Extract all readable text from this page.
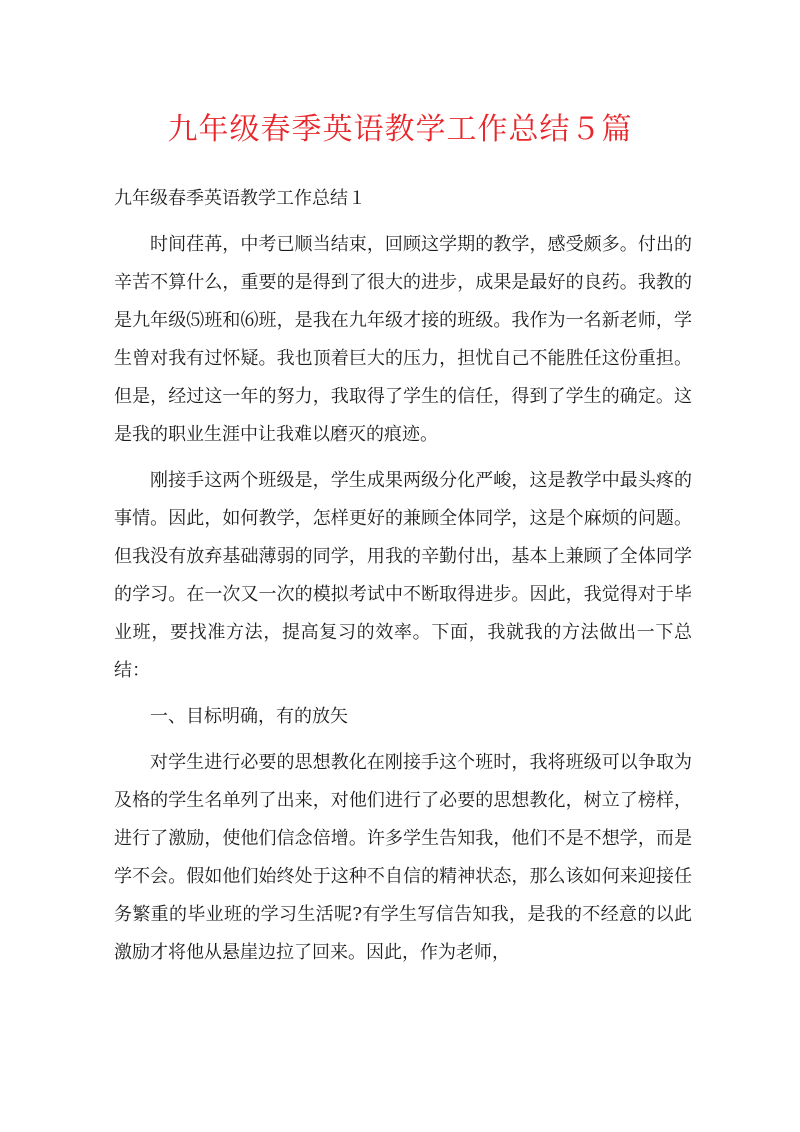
九年级春季英语教学工作总结５篇

九年级春季英语教学工作总结１

时间荏苒，中考已顺当结束，回顾这学期的教学，感受颇多。付出的辛苦不算什么，重要的是得到了很大的进步，成果是最好的良药。我教的是九年级⑸班和⑹班，是我在九年级才接的班级。我作为一名新老师，学生曾对我有过怀疑。我也顶着巨大的压力，担忧自己不能胜任这份重担。但是，经过这一年的努力，我取得了学生的信任，得到了学生的确定。这是我的职业生涯中让我难以磨灭的痕迹。

刚接手这两个班级是，学生成果两级分化严峻，这是教学中最头疼的事情。因此，如何教学，怎样更好的兼顾全体同学，这是个麻烦的问题。但我没有放弃基础薄弱的同学，用我的辛勤付出，基本上兼顾了全体同学的学习。在一次又一次的模拟考试中不断取得进步。因此，我觉得对于毕业班，要找准方法，提高复习的效率。下面，我就我的方法做出一下总结：

一、目标明确，有的放矢

对学生进行必要的思想教化在刚接手这个班时，我将班级可以争取为及格的学生名单列了出来，对他们进行了必要的思想教化，树立了榜样，进行了激励，使他们信念倍增。许多学生告知我，他们不是不想学，而是学不会。假如他们始终处于这种不自信的精神状态，那么该如何来迎接任务繁重的毕业班的学习生活呢?有学生写信告知我，是我的不经意的以此激励才将他从悬崖边拉了回来。因此，作为老师，
